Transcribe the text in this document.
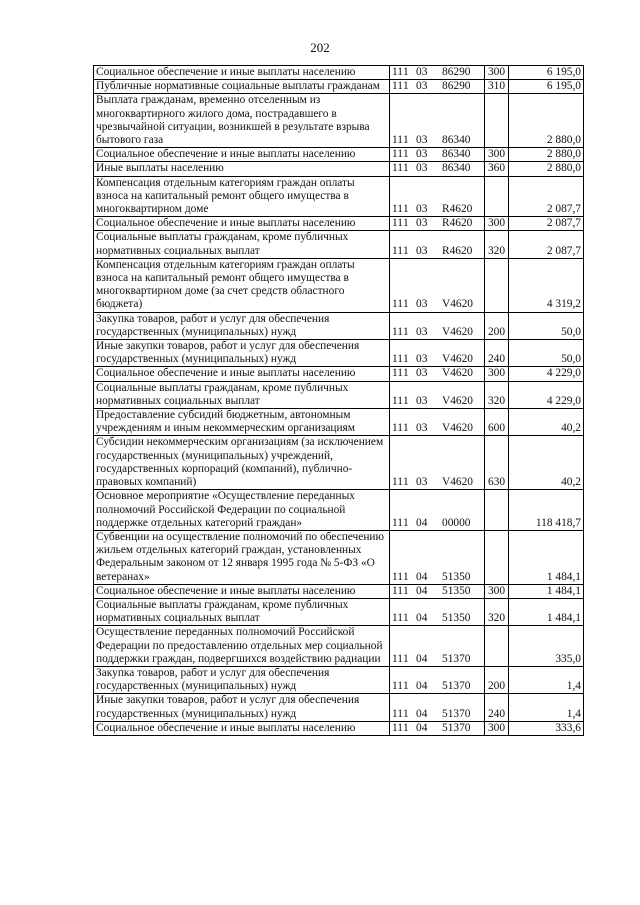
202
Социальное обеспечение и иные выплаты населению	111 03 86290	300	6 195,0
Публичные нормативные социальные выплаты гражданам	111 03 86290	310	6 195,0
Выплата гражданам, временно отселенным из многоквартирного жилого дома, пострадавшего в чрезвычайной ситуации, возникшей в результате взрыва бытового газа	111 03 86340		2 880,0
Социальное обеспечение и иные выплаты населению	111 03 86340	300	2 880,0
Иные выплаты населению	111 03 86340	360	2 880,0
Компенсация отдельным категориям граждан оплаты взноса на капитальный ремонт общего имущества в многоквартирном доме	111 03 R4620		2 087,7
Социальное обеспечение и иные выплаты населению	111 03 R4620	300	2 087,7
Социальные выплаты гражданам, кроме публичных нормативных социальных выплат	111 03 R4620	320	2 087,7
Компенсация отдельным категориям граждан оплаты взноса на капитальный ремонт общего имущества в многоквартирном доме (за счет средств областного бюджета)	111 03 V4620		4 319,2
Закупка товаров, работ и услуг для обеспечения государственных (муниципальных) нужд	111 03 V4620	200	50,0
Иные закупки товаров, работ и услуг для обеспечения государственных (муниципальных) нужд	111 03 V4620	240	50,0
Социальное обеспечение и иные выплаты населению	111 03 V4620	300	4 229,0
Социальные выплаты гражданам, кроме публичных нормативных социальных выплат	111 03 V4620	320	4 229,0
Предоставление субсидий бюджетным, автономным учреждениям и иным некоммерческим организациям	111 03 V4620	600	40,2
Субсидии некоммерческим организациям (за исключением государственных (муниципальных) учреждений, государственных корпораций (компаний), публично-правовых компаний)	111 03 V4620	630	40,2
Основное мероприятие «Осуществление переданных полномочий Российской Федерации по социальной поддержке отдельных категорий граждан»	111 04 00000		118 418,7
Субвенции на осуществление полномочий по обеспечению жильем отдельных категорий граждан, установленных Федеральным законом от 12 января 1995 года № 5-ФЗ «О ветеранах»	111 04 51350		1 484,1
Социальное обеспечение и иные выплаты населению	111 04 51350	300	1 484,1
Социальные выплаты гражданам, кроме публичных нормативных социальных выплат	111 04 51350	320	1 484,1
Осуществление переданных полномочий Российской Федерации по предоставлению отдельных мер социальной поддержки граждан, подвергшихся воздействию радиации	111 04 51370		335,0
Закупка товаров, работ и услуг для обеспечения государственных (муниципальных) нужд	111 04 51370	200	1,4
Иные закупки товаров, работ и услуг для обеспечения государственных (муниципальных) нужд	111 04 51370	240	1,4
Социальное обеспечение и иные выплаты населению	111 04 51370	300	333,6
